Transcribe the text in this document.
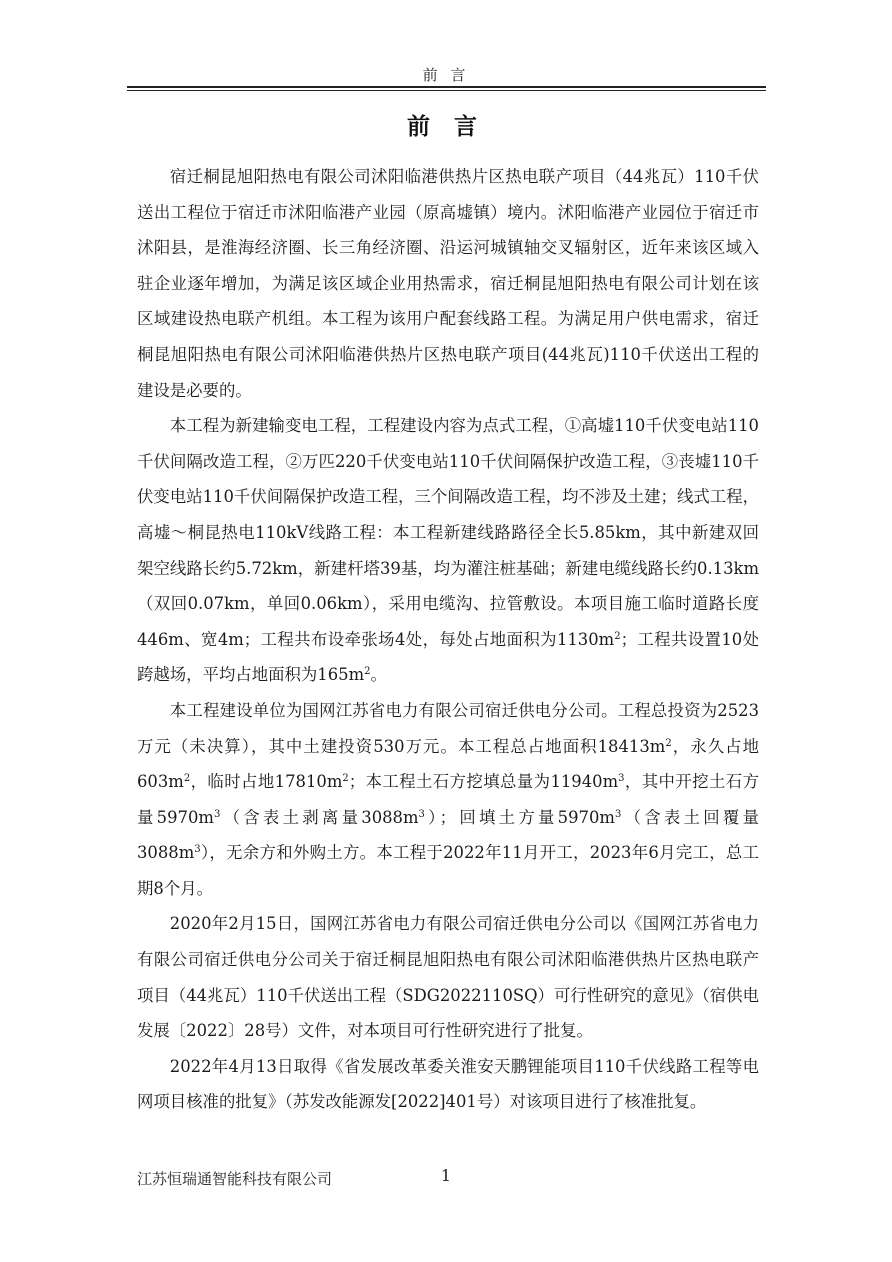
前 言
前 言

宿迁桐昆旭阳热电有限公司沭阳临港供热片区热电联产项目（44兆瓦）110千伏送出工程位于宿迁市沭阳临港产业园（原高墟镇）境内。沭阳临港产业园位于宿迁市沭阳县，是淮海经济圈、长三角经济圈、沿运河城镇轴交叉辐射区，近年来该区域入驻企业逐年增加，为满足该区域企业用热需求，宿迁桐昆旭阳热电有限公司计划在该区域建设热电联产机组。本工程为该用户配套线路工程。为满足用户供电需求，宿迁桐昆旭阳热电有限公司沭阳临港供热片区热电联产项目(44兆瓦)110千伏送出工程的建设是必要的。

本工程为新建输变电工程，工程建设内容为点式工程，①高墟110千伏变电站110千伏间隔改造工程，②万匹220千伏变电站110千伏间隔保护改造工程，③丧墟110千伏变电站110千伏间隔保护改造工程，三个间隔改造工程，均不涉及土建；线式工程，高墟～桐昆热电110kV线路工程：本工程新建线路路径全长5.85km，其中新建双回架空线路长约5.72km，新建杆塔39基，均为灌注桩基础；新建电缆线路长约0.13km（双回0.07km，单回0.06km），采用电缆沟、拉管敷设。本项目施工临时道路长度446m、宽4m；工程共布设牵张场4处，每处占地面积为$1130m^2$；工程共设置10处跨越场，平均占地面积为$165m^2$。

本工程建设单位为国网江苏省电力有限公司宿迁供电分公司。工程总投资为2523万元（未决算），其中土建投资530万元。本工程总占地面积$18413m^2$，永久占地$603m^2$，临时占地$17810m^2$；本工程土石方挖填总量为$11940m^3$，其中开挖土石方量$5970m^3$（含表土剥离量$3088m^3$）；回填土方量$5970m^3$（含表土回覆量$3088m^3$），无余方和外购土方。本工程于2022年11月开工，2023年6月完工，总工期8个月。

2020年2月15日，国网江苏省电力有限公司宿迁供电分公司以《国网江苏省电力有限公司宿迁供电分公司关于宿迁桐昆旭阳热电有限公司沭阳临港供热片区热电联产项目（44兆瓦）110千伏送出工程（SDG2022110SQ）可行性研究的意见》（宿供电发展〔2022〕28号）文件，对本项目可行性研究进行了批复。

2022年4月13日取得《省发展改革委关淮安天鹏锂能项目110千伏线路工程等电网项目核准的批复》（苏发改能源发[2022]401号）对该项目进行了核准批复。

江苏恒瑞通智能科技有限公司	1
